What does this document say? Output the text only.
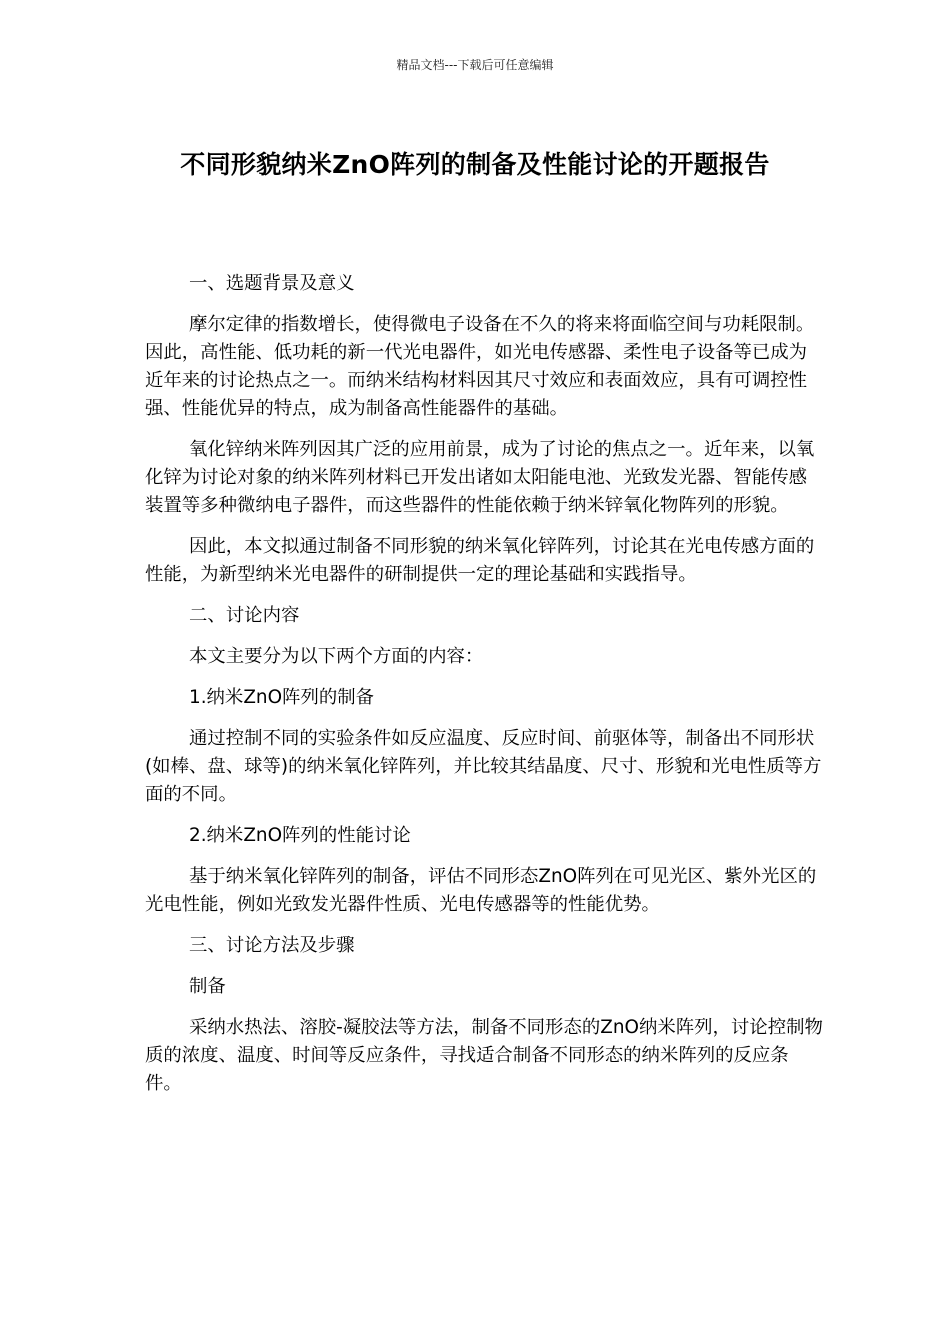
精品文档---下载后可任意编辑
不同形貌纳米ZnO阵列的制备及性能讨论的开题报告

一、选题背景及意义

摩尔定律的指数增长，使得微电子设备在不久的将来将面临空间与功耗限制。因此，高性能、低功耗的新一代光电器件，如光电传感器、柔性电子设备等已成为近年来的讨论热点之一。而纳米结构材料因其尺寸效应和表面效应，具有可调控性强、性能优异的特点，成为制备高性能器件的基础。

氧化锌纳米阵列因其广泛的应用前景，成为了讨论的焦点之一。近年来，以氧化锌为讨论对象的纳米阵列材料已开发出诸如太阳能电池、光致发光器、智能传感装置等多种微纳电子器件，而这些器件的性能依赖于纳米锌氧化物阵列的形貌。

因此，本文拟通过制备不同形貌的纳米氧化锌阵列，讨论其在光电传感方面的性能，为新型纳米光电器件的研制提供一定的理论基础和实践指导。

二、讨论内容

本文主要分为以下两个方面的内容：

1.纳米ZnO阵列的制备

通过控制不同的实验条件如反应温度、反应时间、前驱体等，制备出不同形状(如棒、盘、球等)的纳米氧化锌阵列，并比较其结晶度、尺寸、形貌和光电性质等方面的不同。

2.纳米ZnO阵列的性能讨论

基于纳米氧化锌阵列的制备，评估不同形态ZnO阵列在可见光区、紫外光区的光电性能，例如光致发光器件性质、光电传感器等的性能优势。

三、讨论方法及步骤

制备

采纳水热法、溶胶-凝胶法等方法，制备不同形态的ZnO纳米阵列，讨论控制物质的浓度、温度、时间等反应条件，寻找适合制备不同形态的纳米阵列的反应条件。
